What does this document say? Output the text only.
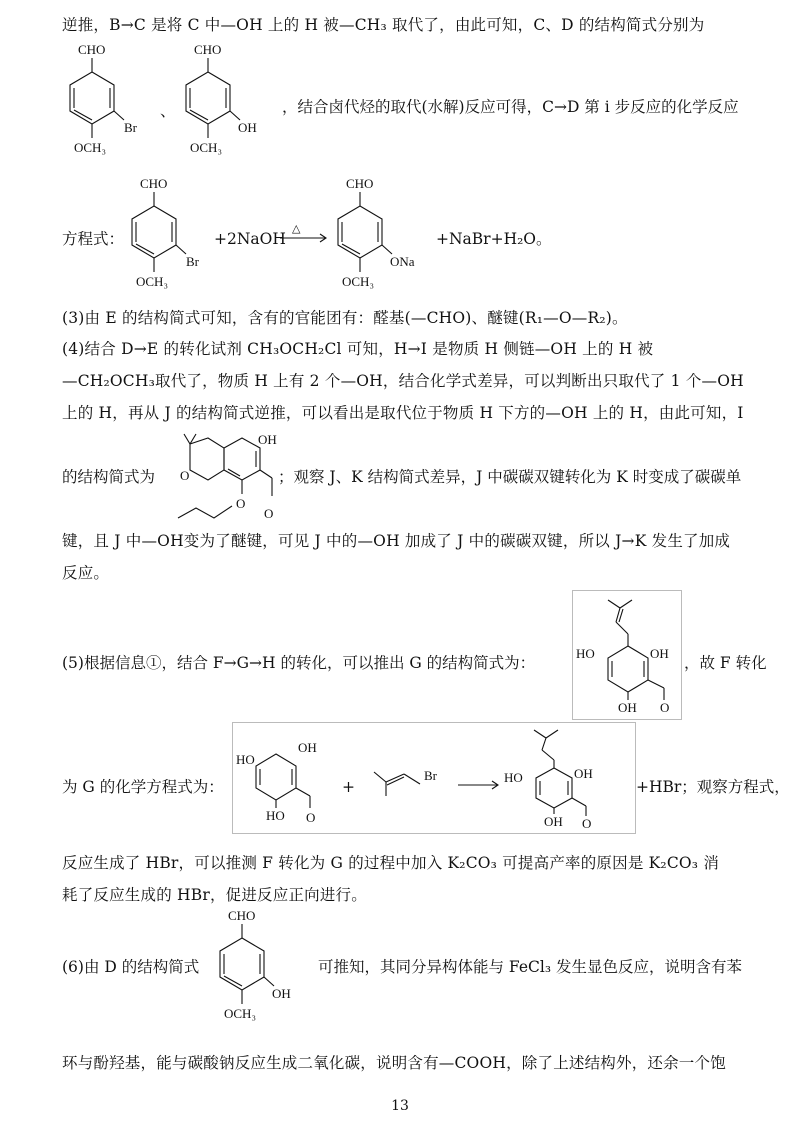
逆推，B→C 是将 C 中—OH 上的 H 被—CH₃ 取代了，由此可知，C、D 的结构简式分别为
CHO
Br
OCH₃
、
CHO
OH
OCH₃
，结合卤代烃的取代(水解)反应可得，C→D 第 i 步反应的化学反应
方程式：
CHO
Br
OCH₃
+2NaOH
△
CHO
ONa
OCH₃
+NaBr+H₂O。
(3)由 E 的结构简式可知，含有的官能团有：醛基(—CHO)、醚键(R₁—O—R₂)。
(4)结合 D→E 的转化试剂 CH₃OCH₂Cl 可知，H→I 是物质 H 侧链—OH 上的 H 被
—CH₂OCH₃取代了，物质 H 上有 2 个—OH，结合化学式差异，可以判断出只取代了 1 个—OH
上的 H，再从 J 的结构简式逆推，可以看出是取代位于物质 H 下方的—OH 上的 H，由此可知，I
的结构简式为 O
OH
O
O
；观察 J、K 结构简式差异，J 中碳碳双键转化为 K 时变成了碳碳单
键，且 J 中—OH变为了醚键，可见 J 中的—OH 加成了 J 中的碳碳双键，所以 J→K 发生了加成
反应。
(5)根据信息①，结合 F→G→H 的转化，可以推出 G 的结构简式为：
HO	OH
OH O
，故 F 转化
为 G 的化学方程式为：
HO
OH
HO O
+
Br → HO	OH
OH O
+HBr；观察方程式，
反应生成了 HBr，可以推测 F 转化为 G 的过程中加入 K₂CO₃ 可提高产率的原因是 K₂CO₃ 消
耗了反应生成的 HBr，促进反应正向进行。
(6)由 D 的结构简式
CHO
OH
OCH₃
可推知，其同分异构体能与 FeCl₃ 发生显色反应，说明含有苯
环与酚羟基，能与碳酸钠反应生成二氧化碳，说明含有—COOH，除了上述结构外，还余一个饱
13
